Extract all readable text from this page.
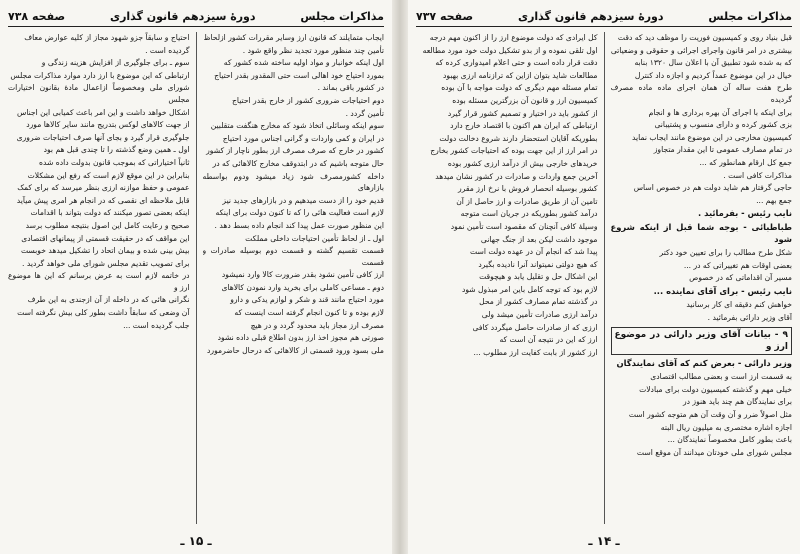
مذاکرات مجلس
دورهٔ سیزدهم قانون گذاری
صفحه ۷۳۸
ایجاب متمایلند که قانون ارز وسایر مقررات کشور ازلحاظ
تأمین چند منظور مورد تجدید نظر واقع شود .
اول اینکه خوانبار و مواد اولیه ساخته شده کشور که
بمورد احتیاج خود اهالی است حتی المقدور بقدر احتیاج
در کشور باقی بماند .
دوم احتیاجات ضروری کشور از خارج بقدر احتیاج
تأمین گردد .
سوم اینکه وسائلی اتخاذ شود که مخارج هنگفت متقلبین
در ایران و کمی واردات و گرانی اجناس مورد احتیاج
کشور در خارج که صرف مصرف ارز بطور ناچار از کشور
حال متوجه باشیم که در ابتدوقف مخارج کالاهائی که در
داخله کشورمصرف شود زیاد میشود ودوم بواسطه بازارهای
قدیم خود را از دست میدهیم و در بازارهای جدید نیز
لازم است فعالیت هائی را که تا کنون دولت برای اینکه
این منظور صورت عمل پیدا کند انجام داده بسط دهد .
اول ـ از لحاظ تأمین احتیاجات داخلی مملکت
قسمت تقسیم گشته و قسمت دوم بوسیله صادرات و قسمت
ارز کافی تأمین نشود بقدر ضرورت کالا وارد نمیشود
دوم ـ مساعی کاملی برای بخرید وارد نمودن کالاهای
مورد احتیاج مانند قند و شکر و لوازم یدکی و دارو
لازم بوده و تا کنون انجام گرفته است اینست که
مصرف ارز مجاز باید محدود گردد و در هیچ
صورتی هم مجوز اخذ ارز بدون اطلاع قبلی داده نشود
ملی بسود ورود قسمتی از کالاهائی که درحال حاضرمورد
احتیاج و سابقاً جزو شهود مجاز از کلیه عوارض معاف
گردیده است .
سوم ـ برای جلوگیری از افزایش هزینه زندگی و
ارتباطی که این موضوع با ارز دارد موارد مذاکرات مجلس
شورای ملی ومخصوصاً ازاعمال مادهٔ بقانون اختیارات مجلس
اشکال خواهد داشت و این امر باعث کمیابی این اجناس
از جهت کالاهای لوکس بتدریج مانند سایر کالاها مورد
جلوگیری قرار گیرد و بجای آنها صرف احتیاجات ضروری
اول ـ همین وضع گذشته را تا چندی قبل هم بود
ثانیاً اختیاراتی که بموجب قانون بدولت داده شده
بنابراین در این موقع لازم است که رفع این مشکلات
عمومی و حفظ موازنه ارزی بنظر میرسد که برای کمک
قابل ملاحظه ای نقصی که در انجام هر امری پیش میآید
اینکه بعضی تصور میکنند که دولت بتواند با اقدامات
صحیح و رعایت کامل این اصول بنتیجه مطلوب برسد
این مواقف که در حقیقت قسمتی از پیمانهای اقتصادی
بیش بینی شده و بیمان اتحاد را تشکیل میدهد خوبست
برای تصویب تقدیم مجلس شورای ملی خواهد گردید .
در خاتمه لازم است به عرض برسانم که این ها موضوع ارز و
نگرانی هائی که در داخله از آن ازجندی به این طرف
آن وضعی که سابقاً داشت بطور کلی بیش نگرفته است
جلب گردیده است ...
ـ ۱۵ ـ
مذاکرات مجلس
دورهٔ سیزدهم قانون گذاری
صفحه ۷۳۷
قبل بنیاد روی و کمیسیون فوریت را موظف دید که دقت
بیشتری در امر قانون واجرای اجرائی و حقوقی و وضعیاتی
که به شده شود تطبیق آن با اعلان سال ۱۳۲۰ بنابه
خیال در این موضوع عمداً کردیم و اجازه داد کنترل
طرح هفت ساله آن همان اجرای ماده ماده مصرف گردیده
برای اینکه با اجرای آن بهره برداری ها و انجام
بزی کشور کرده و دارای منسوب و پشتیبانی
کمیسیون مخارجی در این موضوع مانند ایجاب نماید
در تمام مصارف عمومی تا این مقدار متجاوز
جمع کل ارقام همانطور که ...
مذاکرات کافی است .
حاجی گرفتار هم شاید دولت هم در خصوص اساس
جمع بهم ...
نایب رئیس - بفرمائید .
طباطبائی - بوجه شما قبل از اینکه شروع شود
شکل طرح مطالب را برای تعیین خود دکتر
بعضی اوقات هم تغییراتی که در ...
مسیر آن اقداماتی که در خصوص
نایب رئیس - برای آقای نماینده ...
خواهش کنم دقیقه ای کار برسانید
آقای وزیر دارائی بفرمائید .
۹ - بیانات آقای وزیر دارائی در موضوع ارز و
وزیر دارائی - بعرض کنم که آقای نمایندگان
به قسمت ارز است و بعضی مطالب اقتصادی
خیلی مهم و گذشته کمیسیون دولت برای مبادلات
برای نمایندگان هم چند باید هنوز در
مثل اصولاً ضرر و آن وقت آن هم متوجه کشور است
اجازه اشاره مختصری به میلیون ریال البته
باعث بطور کامل مخصوصاً نمایندگان ...
مجلس شورای ملی خودتان میدانند آن موقع است
کل ایرادی که دولت موضوع ارز را از اکنون مهم درجه
اول تلقی نموده و از بدو تشکیل دولت خود مورد مطالعه
دقت قرار داده است و حتی اعلام امیدواری کرده که
مطالعات شاید بتوان ازاین که ترازنامه ارزی بهبود
تمام مسئله مهم دیگری که دولت مواجه با آن بوده
کمیسیون ارز و قانون آن بزرگترین مسئله بوده
از کشور باید در اختیار و تصمیم کشور قرار گیرد
ارتباطی که ایران هم اکنون با اقتصاد خارج دارد
بطوریکه آقایان استحضار دارند شروع دخالت دولت
در امر ارز از این جهت بوده که احتیاجات کشور بخارج
خریدهای خارجی بیش از درآمد ارزی کشور بوده
آخرین جمع واردات و صادرات در کشور نشان میدهد
کشور بوسیله انحصار فروش با نرخ ارز مقرر
تامین آن از طریق صادرات و ارز حاصل از آن
درآمد کشور بطوریکه در جریان است متوجه
وسیلهٔ کافی آنچنان که مقصود است تأمین نمود
موجود داشت لیکن بعد از جنگ جهانی
پیدا شد که انجام آن در عهده دولت است
که هیچ دولتی نمیتواند آنرا نادیده بگیرد
این اشکال حل و تقلیل یابد و هیچوقت
لازم بود که توجه کامل باین امر مبذول شود
در گذشته تمام مصارف کشور از محل
درآمد ارزی صادرات تأمین میشد ولی
ارزی که از صادرات حاصل میگردد کافی
ارز که این در نتیجه آن است که
ارز کشور از بابت کفایت ارز مطلوب ...
ـ ۱۴ ـ
